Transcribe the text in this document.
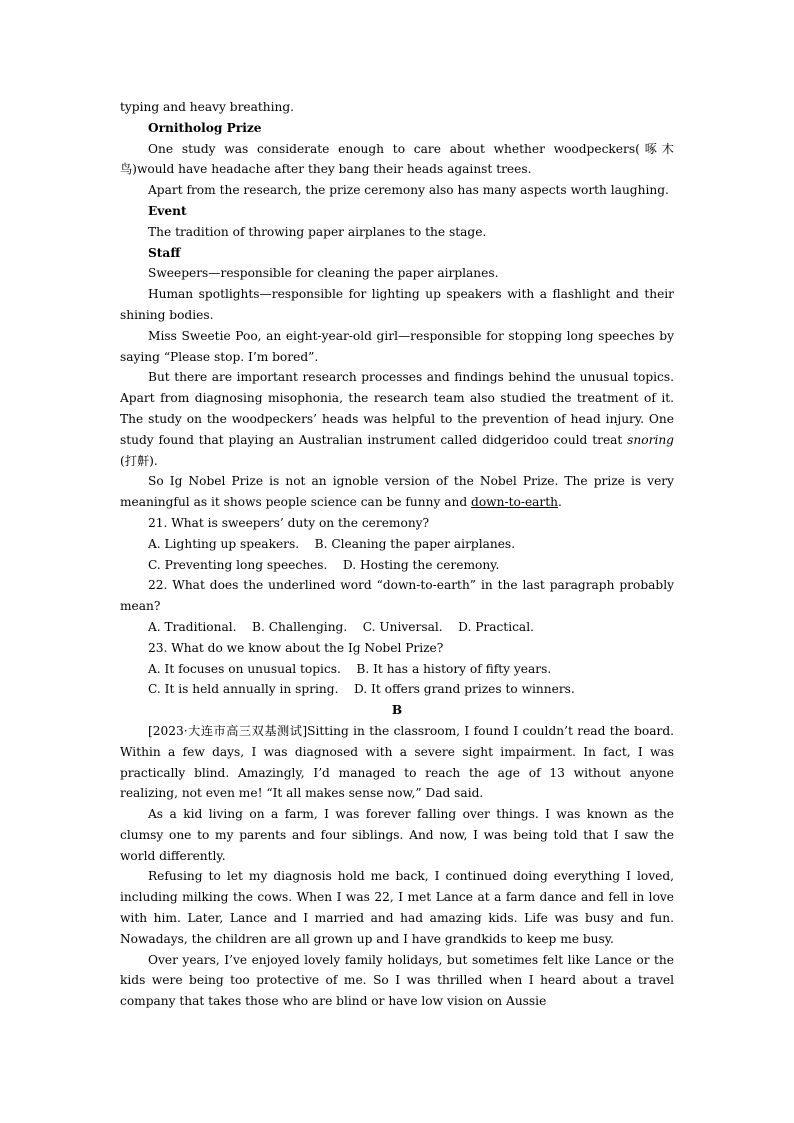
typing and heavy breathing.

Ornitholog Prize

One study was considerate enough to care about whether woodpeckers(啄木鸟)would have headache after they bang their heads against trees.

Apart from the research, the prize ceremony also has many aspects worth laughing.

Event

The tradition of throwing paper airplanes to the stage.

Staff

Sweepers—responsible for cleaning the paper airplanes.

Human spotlights—responsible for lighting up speakers with a flashlight and their shining bodies.

Miss Sweetie Poo, an eight-year-old girl—responsible for stopping long speeches by saying “Please stop. I’m bored”.

But there are important research processes and findings behind the unusual topics. Apart from diagnosing misophonia, the research team also studied the treatment of it. The study on the woodpeckers’ heads was helpful to the prevention of head injury. One study found that playing an Australian instrument called didgeridoo could treat snoring (打鼾).

So Ig Nobel Prize is not an ignoble version of the Nobel Prize. The prize is very meaningful as it shows people science can be funny and down-to-earth.

21. What is sweepers’ duty on the ceremony?

A. Lighting up speakers. B. Cleaning the paper airplanes.

C. Preventing long speeches. D. Hosting the ceremony.

22. What does the underlined word “down-to-earth” in the last paragraph probably mean?

A. Traditional. B. Challenging. C. Universal. D. Practical.

23. What do we know about the Ig Nobel Prize?

A. It focuses on unusual topics. B. It has a history of fifty years.

C. It is held annually in spring. D. It offers grand prizes to winners.

B

[2023·大连市高三双基测试]Sitting in the classroom, I found I couldn’t read the board. Within a few days, I was diagnosed with a severe sight impairment. In fact, I was practically blind. Amazingly, I’d managed to reach the age of 13 without anyone realizing, not even me! “It all makes sense now,” Dad said.

As a kid living on a farm, I was forever falling over things. I was known as the clumsy one to my parents and four siblings. And now, I was being told that I saw the world differently.

Refusing to let my diagnosis hold me back, I continued doing everything I loved, including milking the cows. When I was 22, I met Lance at a farm dance and fell in love with him. Later, Lance and I married and had amazing kids. Life was busy and fun. Nowadays, the children are all grown up and I have grandkids to keep me busy.

Over years, I’ve enjoyed lovely family holidays, but sometimes felt like Lance or the kids were being too protective of me. So I was thrilled when I heard about a travel company that takes those who are blind or have low vision on Aussie
